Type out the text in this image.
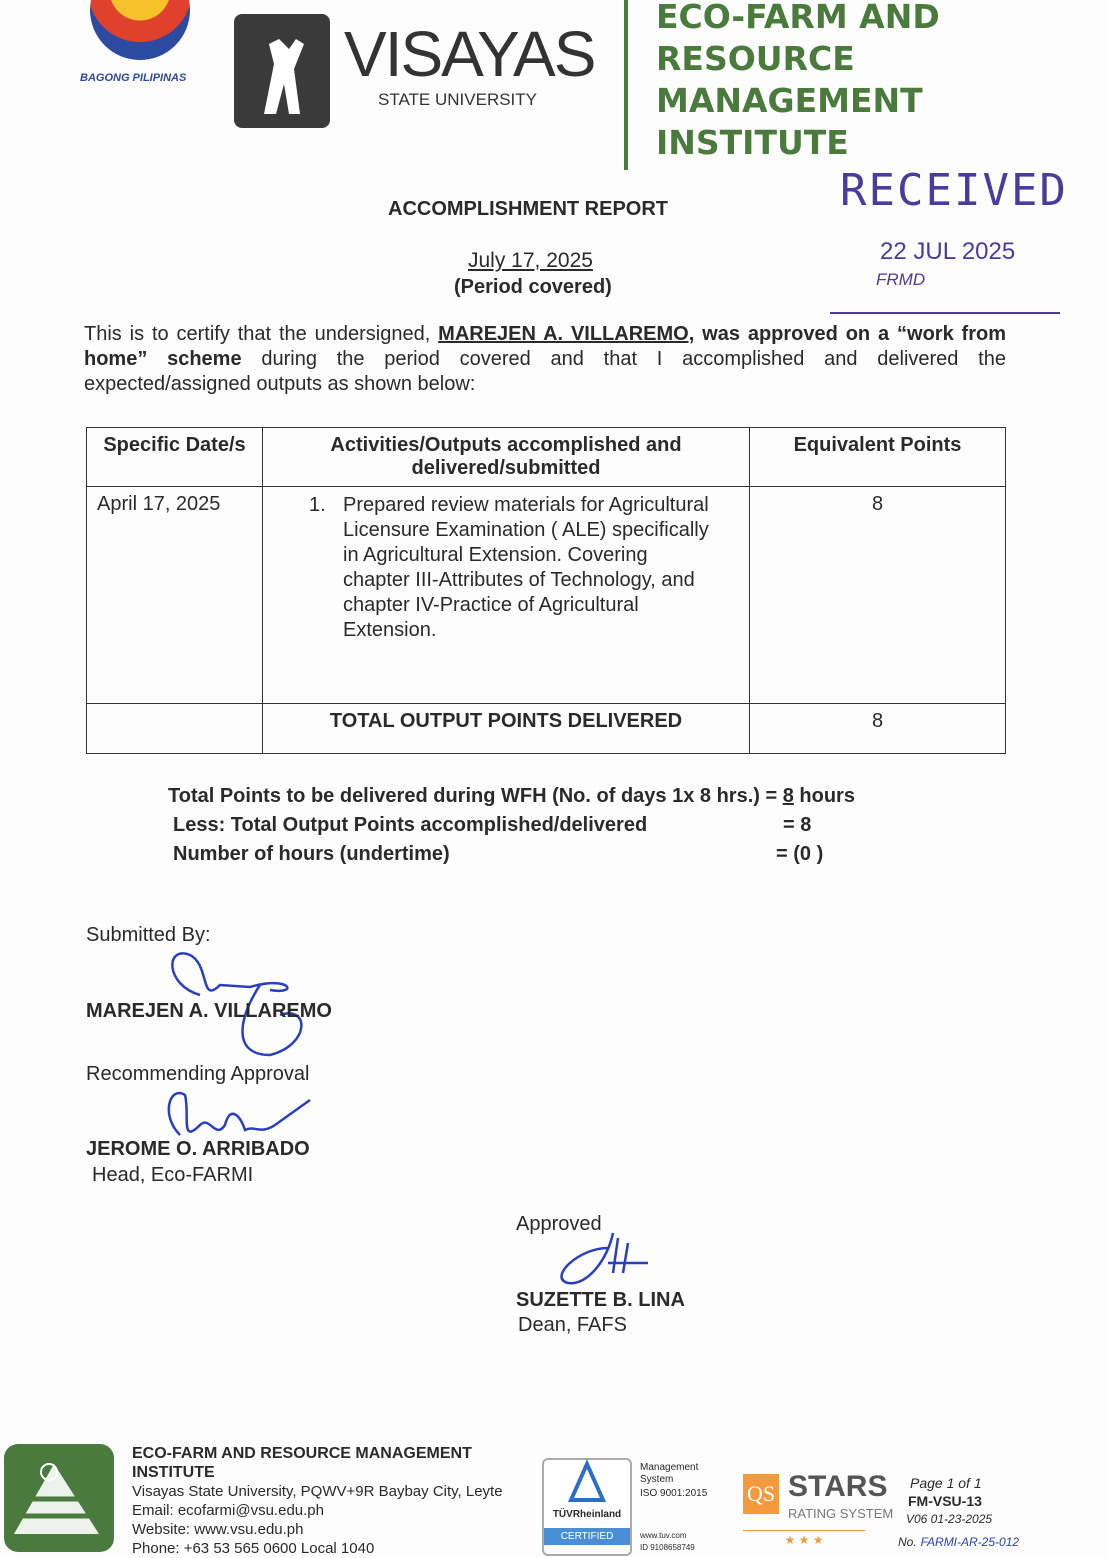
BAGONG PILIPINAS VISAYAS
STATE UNIVERSITY
ECO-FARM AND
RESOURCE
MANAGEMENT
INSTITUTE
RECEIVED
22 JUL 2025
FRMD
ACCOMPLISHMENT REPORT
July 17, 2025
(Period covered)
This is to certify that the undersigned, MAREJEN A. VILLAREMO, was approved on a “work from home” scheme during the period covered and that I accomplished and delivered the expected/assigned outputs as shown below:
Specific Date/s	Activities/Outputs accomplished and delivered/submitted	Equivalent Points
April 17, 2025	1. Prepared review materials for Agricultural Licensure Examination ( ALE) specifically in Agricultural Extension. Covering chapter III-Attributes of Technology, and chapter IV-Practice of Agricultural Extension.	8
	TOTAL OUTPUT POINTS DELIVERED	8
Total Points to be delivered during WFH (No. of days 1x 8 hrs.) = 8 hours
Less: Total Output Points accomplished/delivered	= 8
Number of hours (undertime)	= (0 )
Submitted By:
MAREJEN A. VILLAREMO
Recommending Approval
JEROME O. ARRIBADO
Head, Eco-FARMI
Approved
SUZETTE B. LINA
Dean, FAFS
ECO-FARM AND RESOURCE MANAGEMENT
INSTITUTE
Visayas State University, PQWV+9R Baybay City, Leyte
Email: ecofarmi@vsu.edu.ph
Website: www.vsu.edu.ph
Phone: +63 53 565 0600 Local 1040
TÜVRheinland
CERTIFIED
Management System
ISO 9001:2015
www.tuv.com
ID 9108658749
QS STARS
RATING SYSTEM
★ ★ ★
Page 1 of 1
FM-VSU-13
V06 01-23-2025
No. FARMI-AR-25-012
